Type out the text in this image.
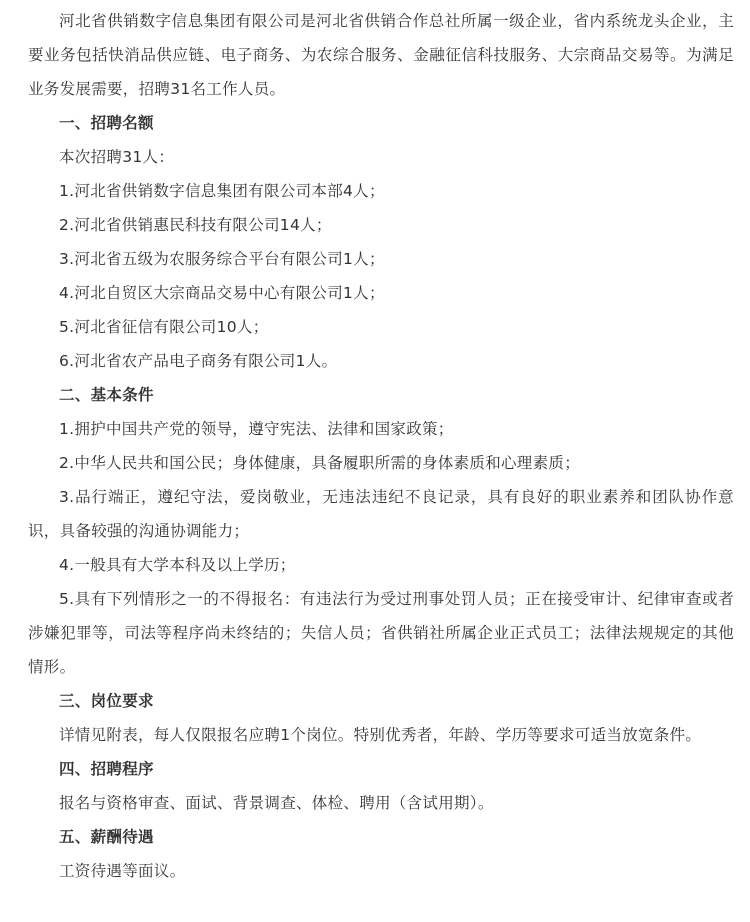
河北省供销数字信息集团有限公司是河北省供销合作总社所属一级企业，省内系统龙头企业，主要业务包括快消品供应链、电子商务、为农综合服务、金融征信科技服务、大宗商品交易等。为满足业务发展需要，招聘31名工作人员。

一、招聘名额

本次招聘31人：

1.河北省供销数字信息集团有限公司本部4人；

2.河北省供销惠民科技有限公司14人；

3.河北省五级为农服务综合平台有限公司1人；

4.河北自贸区大宗商品交易中心有限公司1人；

5.河北省征信有限公司10人；

6.河北省农产品电子商务有限公司1人。

二、基本条件

1.拥护中国共产党的领导，遵守宪法、法律和国家政策；

2.中华人民共和国公民；身体健康，具备履职所需的身体素质和心理素质；

3.品行端正，遵纪守法，爱岗敬业，无违法违纪不良记录，具有良好的职业素养和团队协作意识，具备较强的沟通协调能力；

4.一般具有大学本科及以上学历；

5.具有下列情形之一的不得报名：有违法行为受过刑事处罚人员；正在接受审计、纪律审查或者涉嫌犯罪等，司法等程序尚未终结的；失信人员；省供销社所属企业正式员工；法律法规规定的其他情形。

三、岗位要求

详情见附表，每人仅限报名应聘1个岗位。特别优秀者，年龄、学历等要求可适当放宽条件。

四、招聘程序

报名与资格审查、面试、背景调查、体检、聘用（含试用期）。

五、薪酬待遇

工资待遇等面议。
